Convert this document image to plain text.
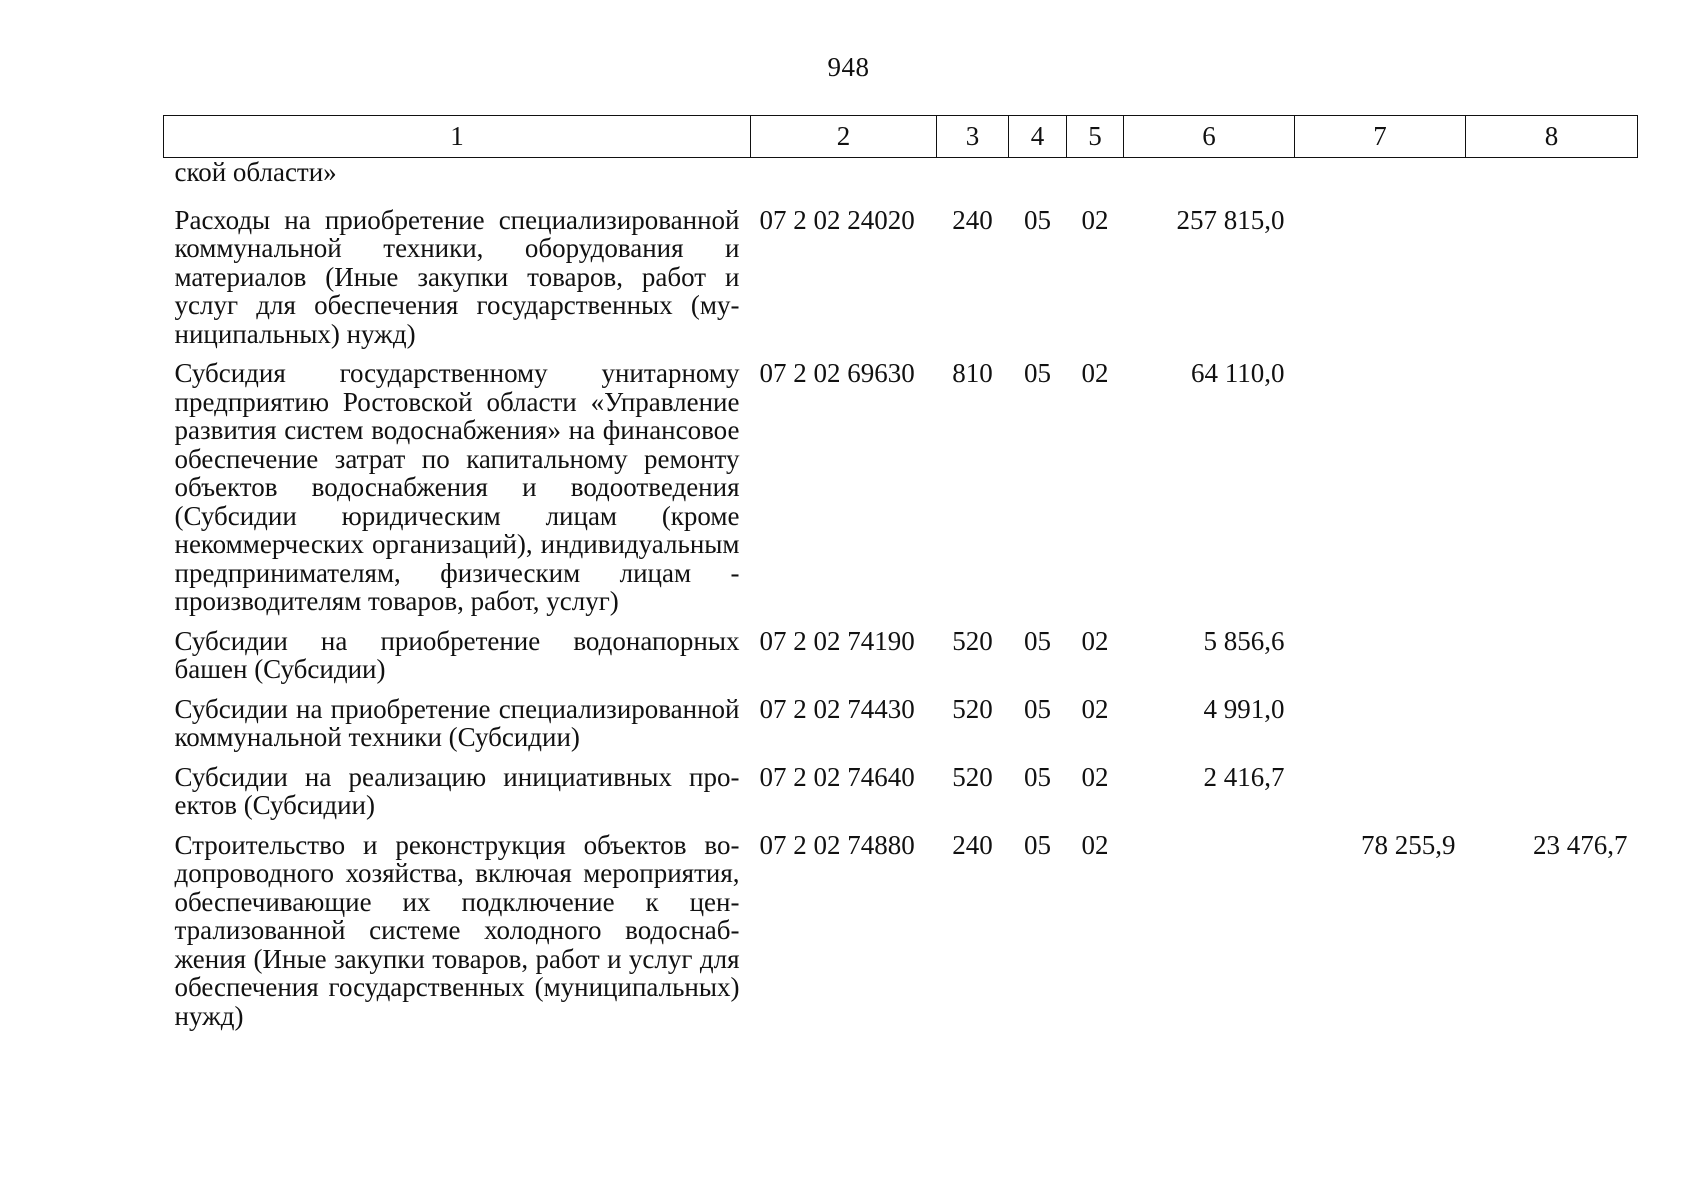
948
1	2	3	4	5	6	7	8
ской области»							
Расходы на приобретение специализированной коммунальной техники, оборудования и материалов (Иные закупки товаров, работ и услуг для обеспечения государственных (муниципальных) нужд)	07 2 02 24020	240	05	02	257 815,0		
Субсидия государственному унитарному предприятию Ростовской области «Управление развития систем водоснабжения» на финансовое обеспечение затрат по капитальному ремонту объектов водоснабжения и водоотведения (Субсидии юридическим лицам (кроме некоммерческих организаций), индивидуальным предпринимателям, физическим лицам - производителям товаров, работ, услуг)	07 2 02 69630	810	05	02	64 110,0		
Субсидии на приобретение водонапорных башен (Субсидии)	07 2 02 74190	520	05	02	5 856,6		
Субсидии на приобретение специализированной коммунальной техники (Субсидии)	07 2 02 74430	520	05	02	4 991,0		
Субсидии на реализацию инициативных проектов (Субсидии)	07 2 02 74640	520	05	02	2 416,7		
Строительство и реконструкция объектов водопроводного хозяйства, включая мероприятия, обеспечивающие их подключение к централизованной системе холодного водоснабжения (Иные закупки товаров, работ и услуг для обеспечения государственных (муниципальных) нужд)	07 2 02 74880	240	05	02		78 255,9	23 476,7
